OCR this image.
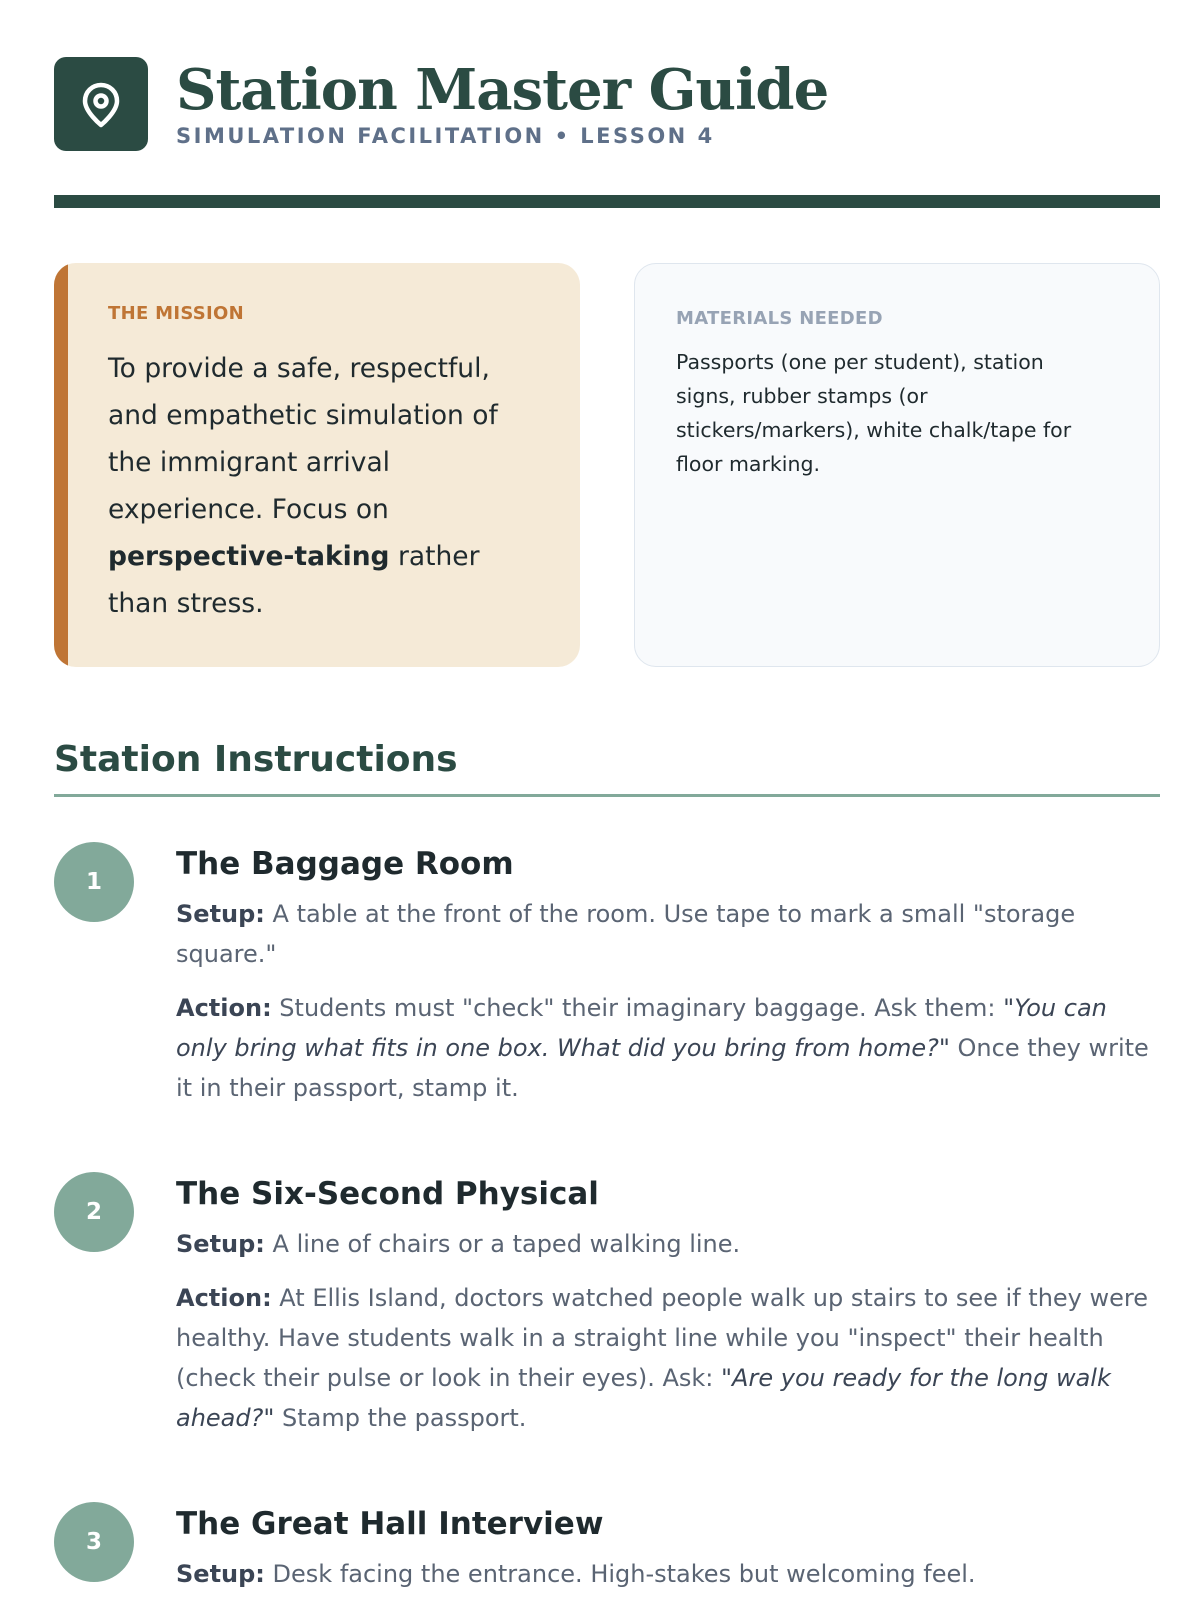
Station Master Guide
SIMULATION FACILITATION • LESSON 4
THE MISSION
To provide a safe, respectful, and empathetic simulation of the immigrant arrival experience. Focus on perspective-taking rather than stress.
MATERIALS NEEDED
Passports (one per student), station signs, rubber stamps (or stickers/markers), white chalk/tape for floor marking.
Station Instructions
1	The Baggage Room
Setup: A table at the front of the room. Use tape to mark a small "storage square."
Action: Students must "check" their imaginary baggage. Ask them: "You can only bring what fits in one box. What did you bring from home?" Once they write it in their passport, stamp it.
2	The Six-Second Physical
Setup: A line of chairs or a taped walking line.
Action: At Ellis Island, doctors watched people walk up stairs to see if they were healthy. Have students walk in a straight line while you "inspect" their health (check their pulse or look in their eyes). Ask: "Are you ready for the long walk ahead?" Stamp the passport.
3	The Great Hall Interview
Setup: Desk facing the entrance. High-stakes but welcoming feel.
